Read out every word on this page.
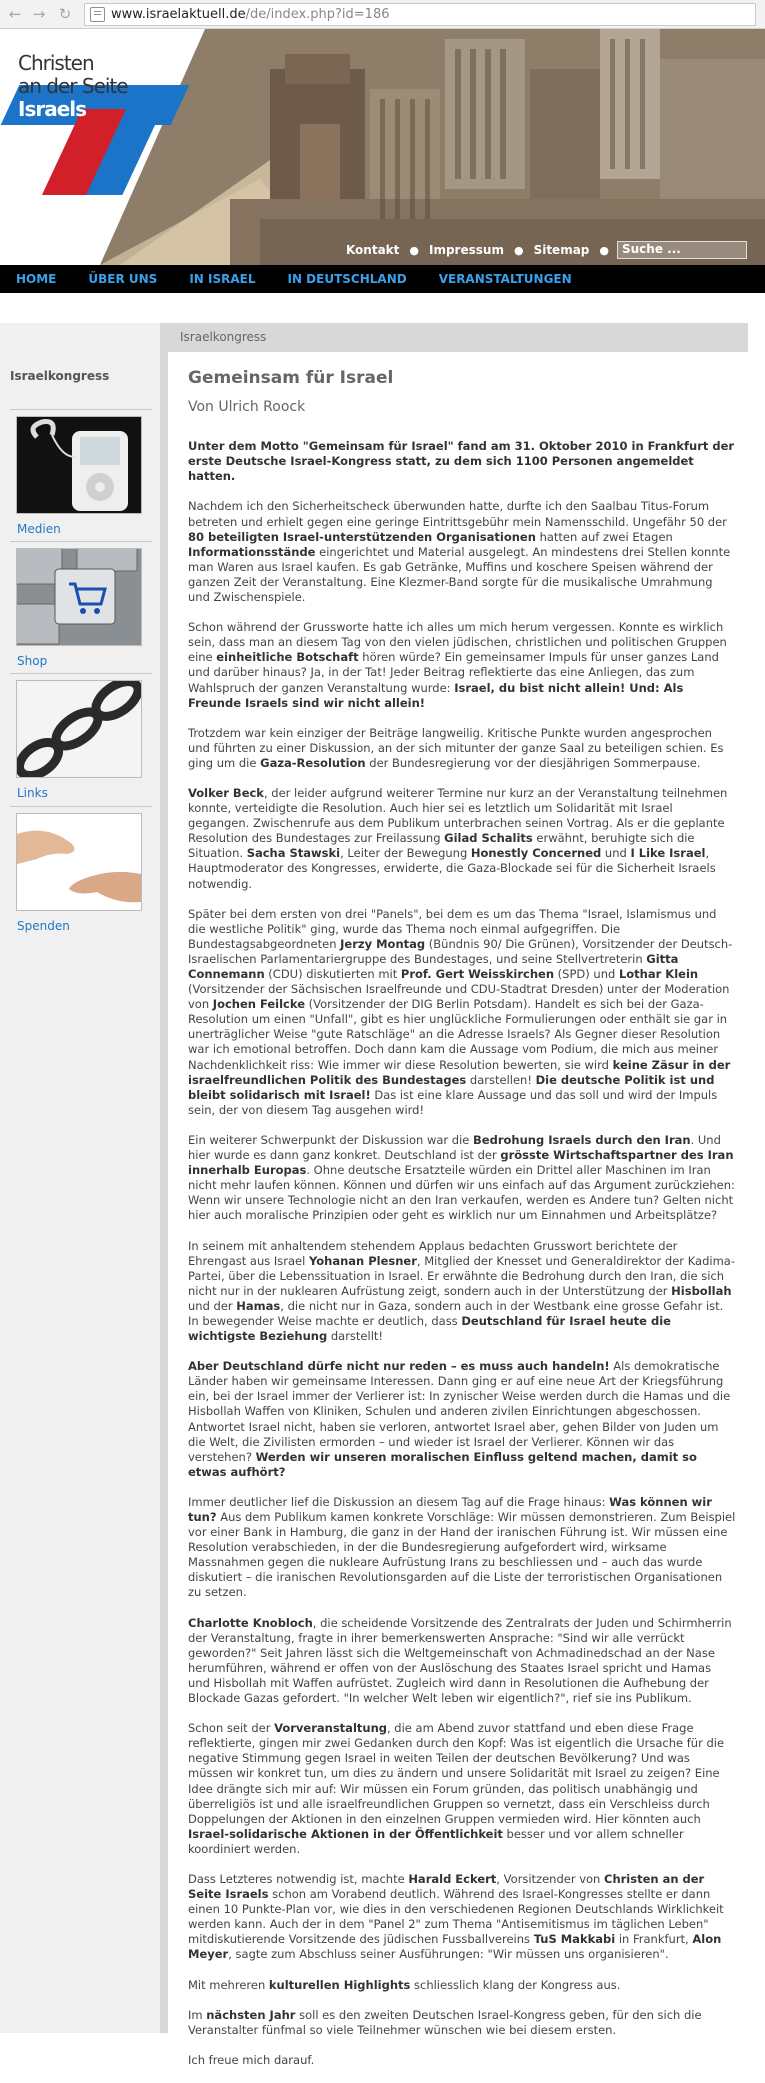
← → ↻	www.israelaktuell.de/de/index.php?id=186
Christen
an der Seite
Israels
Kontakt ● Impressum ● Sitemap ●	Suche ...
HOME	ÜBER UNS	IN ISRAEL	IN DEUTSCHLAND	VERANSTALTUNGEN
Israelkongress
Medien
Shop
Links
Spenden
Israelkongress
Gemeinsam für Israel
Von Ulrich Roock

Unter dem Motto "Gemeinsam für Israel" fand am 31. Oktober 2010 in Frankfurt der erste Deutsche Israel-Kongress statt, zu dem sich 1100 Personen angemeldet hatten.

Nachdem ich den Sicherheitscheck überwunden hatte, durfte ich den Saalbau Titus-Forum betreten und erhielt gegen eine geringe Eintrittsgebühr mein Namensschild. Ungefähr 50 der 80 beteiligten Israel-unterstützenden Organisationen hatten auf zwei Etagen Informationsstände eingerichtet und Material ausgelegt. An mindestens drei Stellen konnte man Waren aus Israel kaufen. Es gab Getränke, Muffins und koschere Speisen während der ganzen Zeit der Veranstaltung. Eine Klezmer-Band sorgte für die musikalische Umrahmung und Zwischenspiele.

Schon während der Grussworte hatte ich alles um mich herum vergessen. Konnte es wirklich sein, dass man an diesem Tag von den vielen jüdischen, christlichen und politischen Gruppen eine einheitliche Botschaft hören würde? Ein gemeinsamer Impuls für unser ganzes Land und darüber hinaus? Ja, in der Tat! Jeder Beitrag reflektierte das eine Anliegen, das zum Wahlspruch der ganzen Veranstaltung wurde: Israel, du bist nicht allein! Und: Als Freunde Israels sind wir nicht allein!

Trotzdem war kein einziger der Beiträge langweilig. Kritische Punkte wurden angesprochen und führten zu einer Diskussion, an der sich mitunter der ganze Saal zu beteiligen schien. Es ging um die Gaza-Resolution der Bundesregierung vor der diesjährigen Sommerpause.

Volker Beck, der leider aufgrund weiterer Termine nur kurz an der Veranstaltung teilnehmen konnte, verteidigte die Resolution. Auch hier sei es letztlich um Solidarität mit Israel gegangen. Zwischenrufe aus dem Publikum unterbrachen seinen Vortrag. Als er die geplante Resolution des Bundestages zur Freilassung Gilad Schalits erwähnt, beruhigte sich die Situation. Sacha Stawski, Leiter der Bewegung Honestly Concerned und I Like Israel, Hauptmoderator des Kongresses, erwiderte, die Gaza-Blockade sei für die Sicherheit Israels notwendig.

Später bei dem ersten von drei "Panels", bei dem es um das Thema "Israel, Islamismus und die westliche Politik" ging, wurde das Thema noch einmal aufgegriffen. Die Bundestagsabgeordneten Jerzy Montag (Bündnis 90/ Die Grünen), Vorsitzender der Deutsch-Israelischen Parlamentariergruppe des Bundestages, und seine Stellvertreterin Gitta Connemann (CDU) diskutierten mit Prof. Gert Weisskirchen (SPD) und Lothar Klein (Vorsitzender der Sächsischen Israelfreunde und CDU-Stadtrat Dresden) unter der Moderation von Jochen Feilcke (Vorsitzender der DIG Berlin Potsdam). Handelt es sich bei der Gaza-Resolution um einen "Unfall", gibt es hier unglückliche Formulierungen oder enthält sie gar in unerträglicher Weise "gute Ratschläge" an die Adresse Israels? Als Gegner dieser Resolution war ich emotional betroffen. Doch dann kam die Aussage vom Podium, die mich aus meiner Nachdenklichkeit riss: Wie immer wir diese Resolution bewerten, sie wird keine Zäsur in der israelfreundlichen Politik des Bundestages darstellen! Die deutsche Politik ist und bleibt solidarisch mit Israel! Das ist eine klare Aussage und das soll und wird der Impuls sein, der von diesem Tag ausgehen wird!

Ein weiterer Schwerpunkt der Diskussion war die Bedrohung Israels durch den Iran. Und hier wurde es dann ganz konkret. Deutschland ist der grösste Wirtschaftspartner des Iran innerhalb Europas. Ohne deutsche Ersatzteile würden ein Drittel aller Maschinen im Iran nicht mehr laufen können. Können und dürfen wir uns einfach auf das Argument zurückziehen: Wenn wir unsere Technologie nicht an den Iran verkaufen, werden es Andere tun? Gelten nicht hier auch moralische Prinzipien oder geht es wirklich nur um Einnahmen und Arbeitsplätze?

In seinem mit anhaltendem stehendem Applaus bedachten Grusswort berichtete der Ehrengast aus Israel Yohanan Plesner, Mitglied der Knesset und Generaldirektor der Kadima-Partei, über die Lebenssituation in Israel. Er erwähnte die Bedrohung durch den Iran, die sich nicht nur in der nuklearen Aufrüstung zeigt, sondern auch in der Unterstützung der Hisbollah und der Hamas, die nicht nur in Gaza, sondern auch in der Westbank eine grosse Gefahr ist. In bewegender Weise machte er deutlich, dass Deutschland für Israel heute die wichtigste Beziehung darstellt!

Aber Deutschland dürfe nicht nur reden – es muss auch handeln! Als demokratische Länder haben wir gemeinsame Interessen. Dann ging er auf eine neue Art der Kriegsführung ein, bei der Israel immer der Verlierer ist: In zynischer Weise werden durch die Hamas und die Hisbollah Waffen von Kliniken, Schulen und anderen zivilen Einrichtungen abgeschossen. Antwortet Israel nicht, haben sie verloren, antwortet Israel aber, gehen Bilder von Juden um die Welt, die Zivilisten ermorden – und wieder ist Israel der Verlierer. Können wir das verstehen? Werden wir unseren moralischen Einfluss geltend machen, damit so etwas aufhört?

Immer deutlicher lief die Diskussion an diesem Tag auf die Frage hinaus: Was können wir tun? Aus dem Publikum kamen konkrete Vorschläge: Wir müssen demonstrieren. Zum Beispiel vor einer Bank in Hamburg, die ganz in der Hand der iranischen Führung ist. Wir müssen eine Resolution verabschieden, in der die Bundesregierung aufgefordert wird, wirksame Massnahmen gegen die nukleare Aufrüstung Irans zu beschliessen und – auch das wurde diskutiert – die iranischen Revolutionsgarden auf die Liste der terroristischen Organisationen zu setzen.

Charlotte Knobloch, die scheidende Vorsitzende des Zentralrats der Juden und Schirmherrin der Veranstaltung, fragte in ihrer bemerkenswerten Ansprache: "Sind wir alle verrückt geworden?" Seit Jahren lässt sich die Weltgemeinschaft von Achmadinedschad an der Nase herumführen, während er offen von der Auslöschung des Staates Israel spricht und Hamas und Hisbollah mit Waffen aufrüstet. Zugleich wird dann in Resolutionen die Aufhebung der Blockade Gazas gefordert. "In welcher Welt leben wir eigentlich?", rief sie ins Publikum.

Schon seit der Vorveranstaltung, die am Abend zuvor stattfand und eben diese Frage reflektierte, gingen mir zwei Gedanken durch den Kopf: Was ist eigentlich die Ursache für die negative Stimmung gegen Israel in weiten Teilen der deutschen Bevölkerung? Und was müssen wir konkret tun, um dies zu ändern und unsere Solidarität mit Israel zu zeigen? Eine Idee drängte sich mir auf: Wir müssen ein Forum gründen, das politisch unabhängig und überreligiös ist und alle israelfreundlichen Gruppen so vernetzt, dass ein Verschleiss durch Doppelungen der Aktionen in den einzelnen Gruppen vermieden wird. Hier könnten auch Israel-solidarische Aktionen in der Öffentlichkeit besser und vor allem schneller koordiniert werden.

Dass Letzteres notwendig ist, machte Harald Eckert, Vorsitzender von Christen an der Seite Israels schon am Vorabend deutlich. Während des Israel-Kongresses stellte er dann einen 10 Punkte-Plan vor, wie dies in den verschiedenen Regionen Deutschlands Wirklichkeit werden kann. Auch der in dem "Panel 2" zum Thema "Antisemitismus im täglichen Leben" mitdiskutierende Vorsitzende des jüdischen Fussballvereins TuS Makkabi in Frankfurt, Alon Meyer, sagte zum Abschluss seiner Ausführungen: "Wir müssen uns organisieren".

Mit mehreren kulturellen Highlights schliesslich klang der Kongress aus.

Im nächsten Jahr soll es den zweiten Deutschen Israel-Kongress geben, für den sich die Veranstalter fünfmal so viele Teilnehmer wünschen wie bei diesem ersten.

Ich freue mich darauf.
